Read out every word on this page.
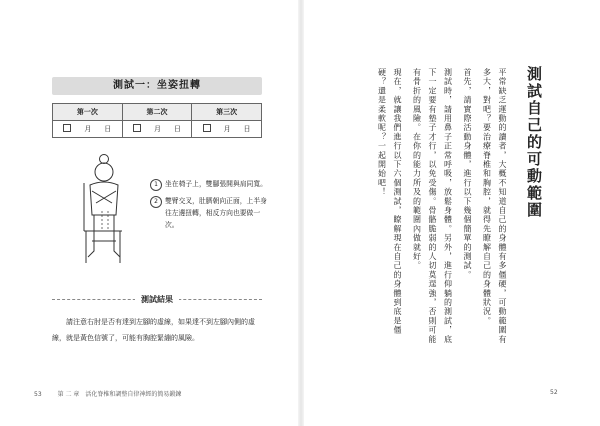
測試一：坐姿扭轉
第一次	第二次	第三次

月 日	月 日	月 日
1	坐在椅子上，雙腳張開與肩同寬。
2	雙臂交叉，肚臍朝向正面，上半身往左邊扭轉，相反方向也要做一次。
測試結果
請注意右肘是否有達到左腳的虛線，如果達不到左腳內側的虛線，就是黃色信號了，可能有胸腔緊繃的風險。
53	第 二 章　活化脊椎和調整自律神經的簡易鍛鍊
測試自己的可動範圍

平常缺乏運動的讀者，大概不知道自己的身體有多僵硬，可動範圍有多大，對吧？要治療脊椎和胸腔，就得先瞭解自己的身體狀況。

首先，請實際活動身體，進行以下幾個簡單的測試。

測試時，請用鼻子正常呼吸，放鬆身體。另外，進行仰躺的測試，底下一定要有墊子才行，以免受傷。骨骼脆弱的人切莫逞強，否則可能有骨折的風險。在你的能力所及的範圍內做就好。

現在，就讓我們進行以下六個測試，瞭解現在自己的身體到底是僵硬？還是柔軟呢？一起開始吧！

52
